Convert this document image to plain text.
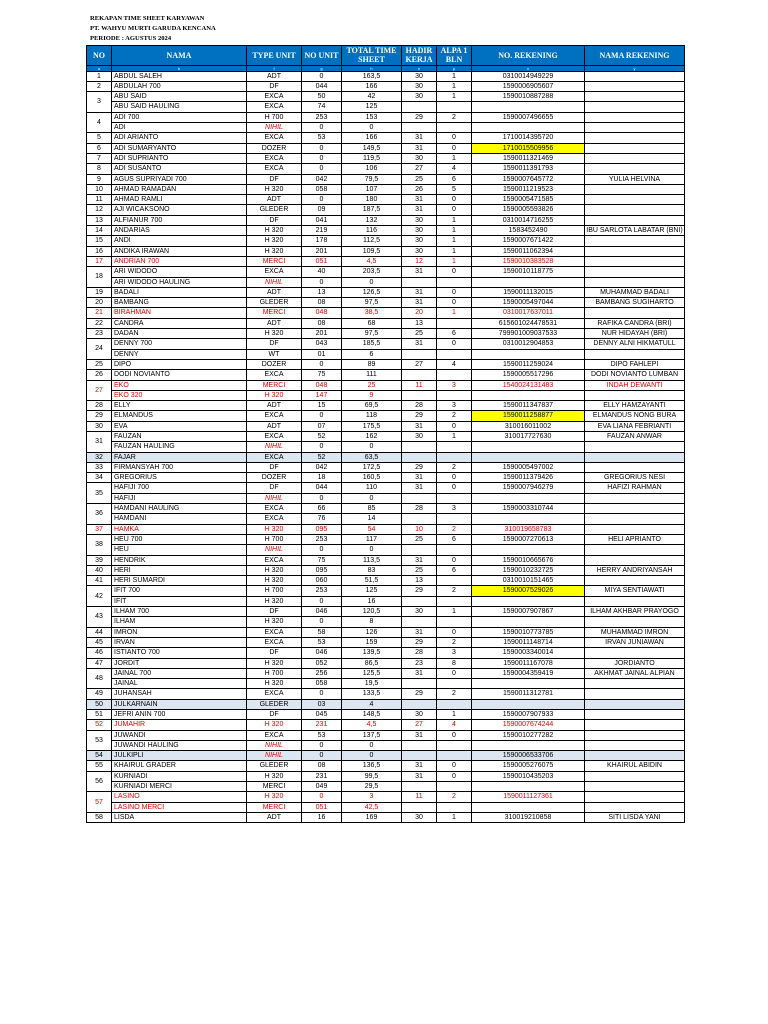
REKAPAN TIME SHEET KARYAWAN
PT. WAHYU MURTI GARUDA KENCANA
PERIODE : AGUSTUS 2024
NO	NAMA	TYPE UNIT	NO UNIT	TOTAL TIME SHEET	HADIR KERJA	ALPA 1 BLN	NO. REKENING	NAMA REKENING
a	b	f	g	h	n	p	x	y
1	ABDUL SALEH	ADT	0	163,5	30	1	0310014949229	
2	ABDULAH 700	DF	044	166	30	1	1590006905607	
3	ABU SAID	EXCA	50	42	30	1	1590010887288	
	ABU SAID HAULING	EXCA	74	125				
4	ADI 700	H 700	253	153	29	2	1590007496655	
	ADI	NIHIL	0	0				
5	ADI ARIANTO	EXCA	53	166	31	0	1710014395720	
6	ADI SUMARYANTO	DOZER	0	149,5	31	0	1710015509956	
7	ADI SUPRIANTO	EXCA	0	119,5	30	1	1590011321469	
8	ADI SUSANTO	EXCA	0	106	27	4	1590011391793	
9	AGUS SUPRIYADI 700	DF	042	79,5	25	6	1590007645772	YULIA HELVINA
10	AHMAD RAMADAN	H 320	058	107	26	5	1590011219523	
11	AHMAD RAMLI	ADT	0	180	31	0	1590005471585	
12	AJI WICAKSONO	GLEDER	09	187,5	31	0	1590005593826	
13	ALFIANUR 700	DF	041	132	30	1	0310014716255	
14	ANDARIAS	H 320	219	116	30	1	1583452490	IBU SARLOTA LABATAR (BNI)
15	ANDI	H 320	178	112,5	30	1	1590007671422	
16	ANDIKA IRAWAN	H 320	201	109,5	30	1	1590011062394	
17	ANDRIAN 700	MERCI	051	4,5	12	1	1590010383528	
18	ARI WIDODO	EXCA	40	203,5	31	0	1590010118775	
	ARI WIDODO HAULING	NIHIL	0	0				
19	BADALI	ADT	13	126,5	31	0	1590011132015	MUHAMMAD BADALI
20	BAMBANG	GLEDER	08	97,5	31	0	1590005497044	BAMBANG SUGIHARTO
21	BIRAHMAN	MERCI	048	38,5	20	1	0310017637011	
22	CANDRA	ADT	08	68	13		615601024478531	RAFIKA CANDRA (BRI)
23	DADAN	H 320	201	97,5	25	6	799901009037533	NUR HIDAYAH (BRI)
24	DENNY 700	DF	043	185,5	31	0	0310012904853	DENNY ALNI HIKMATULL
	DENNY	WT	01	6				
25	DIPO	DOZER	0	89	27	4	1590011259024	DIPO FAHLEPI
26	DODI NOVIANTO	EXCA	75	111			1590005517296	DODI NOVIANTO LUMBAN
27	EKO	MERCI	048	25	11	3	1540024131483	INDAH DEWANTI
	EKO 320	H 320	147	9				
28	ELLY	ADT	15	69,5	28	3	1590011347837	ELLY HAMZAYANTI
29	ELMANDUS	EXCA	0	118	29	2	1590011258877	ELMANDUS NONG BURA
30	EVA	ADT	07	175,5	31	0	310016011002	EVA LIANA FEBRIANTI
31	FAUZAN	EXCA	52	162	30	1	310017727630	FAUZAN ANWAR
	FAUZAN HAULING	NIHIL	0	0				
32	FAJAR	EXCA	52	63,5				
33	FIRMANSYAH 700	DF	042	172,5	29	2	1590005497002	
34	GREGORIUS	DOZER	18	160,5	31	0	1590011379426	GREGORIUS NESI
35	HAFIJI 700	DF	044	110	31	0	1590007946279	HAFIZI RAHMAN
	HAFIJI	NIHIL	0	0				
36	HAMDANI HAULING	EXCA	66	85	28	3	1590003310744	
	HAMDANI	EXCA	76	14				
37	HAMKA	H 320	095	54	10	2	310019658783	
38	HEU 700	H 700	253	117	25	6	1590007270613	HELI APRIANTO
	HEU	NIHIL	0	0				
39	HENDRIK	EXCA	75	113,5	31	0	1590010665676	
40	HERI	H 320	095	83	25	6	1590010232725	HERRY ANDRIYANSAH
41	HERI SUMARDI	H 320	060	51,5	13		0310010151465	
42	IFIT 700	H 700	253	125	29	2	1590007529026	MIYA SENTIAWATI
	IFIT	H 320	0	16				
43	ILHAM 700	DF	046	120,5	30	1	1590007907867	ILHAM AKHBAR PRAYOGO
	ILHAM	H 320	0	8				
44	IMRON	EXCA	58	126	31	0	1590010773785	MUHAMMAD IMRON
45	IRVAN	EXCA	53	159	29	2	1590011148714	IRVAN JUNIAWAN
46	ISTIANTO 700	DF	046	139,5	28	3	1590003340014	
47	JORDIT	H 320	052	86,5	23	8	1590011167078	JORDIANTO
48	JAINAL 700	H 700	256	125,5	31	0	1590004359419	AKHMAT JAINAL ALPIAN
	JAINAL	H 320	058	19,5				
49	JUHANSAH	EXCA	0	133,5	29	2	1590011312781	
50	JULKARNAIN	GLEDER	03	4				
51	JEFRI ANIN 700	DF	045	148,5	30	1	1590007907933	
52	JUMAHIR	H 320	231	4,5	27	4	1590007674244	
53	JUWANDI	EXCA	53	137,5	31	0	1590010277282	
	JUWANDI HAULING	NIHIL	0	0				
54	JULKIPLI	NIHIL	0	0			1590006533706	
55	KHAIRUL GRADER	GLEDER	08	136,5	31	0	1590005276075	KHAIRUL ABIDIN
56	KURNIADI	H 320	231	99,5	31	0	1590010435203	
	KURNIADI MERCI	MERCI	049	29,5				
57	LASINO	H 320	0	3	11	2	1590011127361	
	LASINO MERCI	MERCI	051	42,5				
58	LISDA	ADT	16	169	30	1	310019210858	SITI LISDA YANI
